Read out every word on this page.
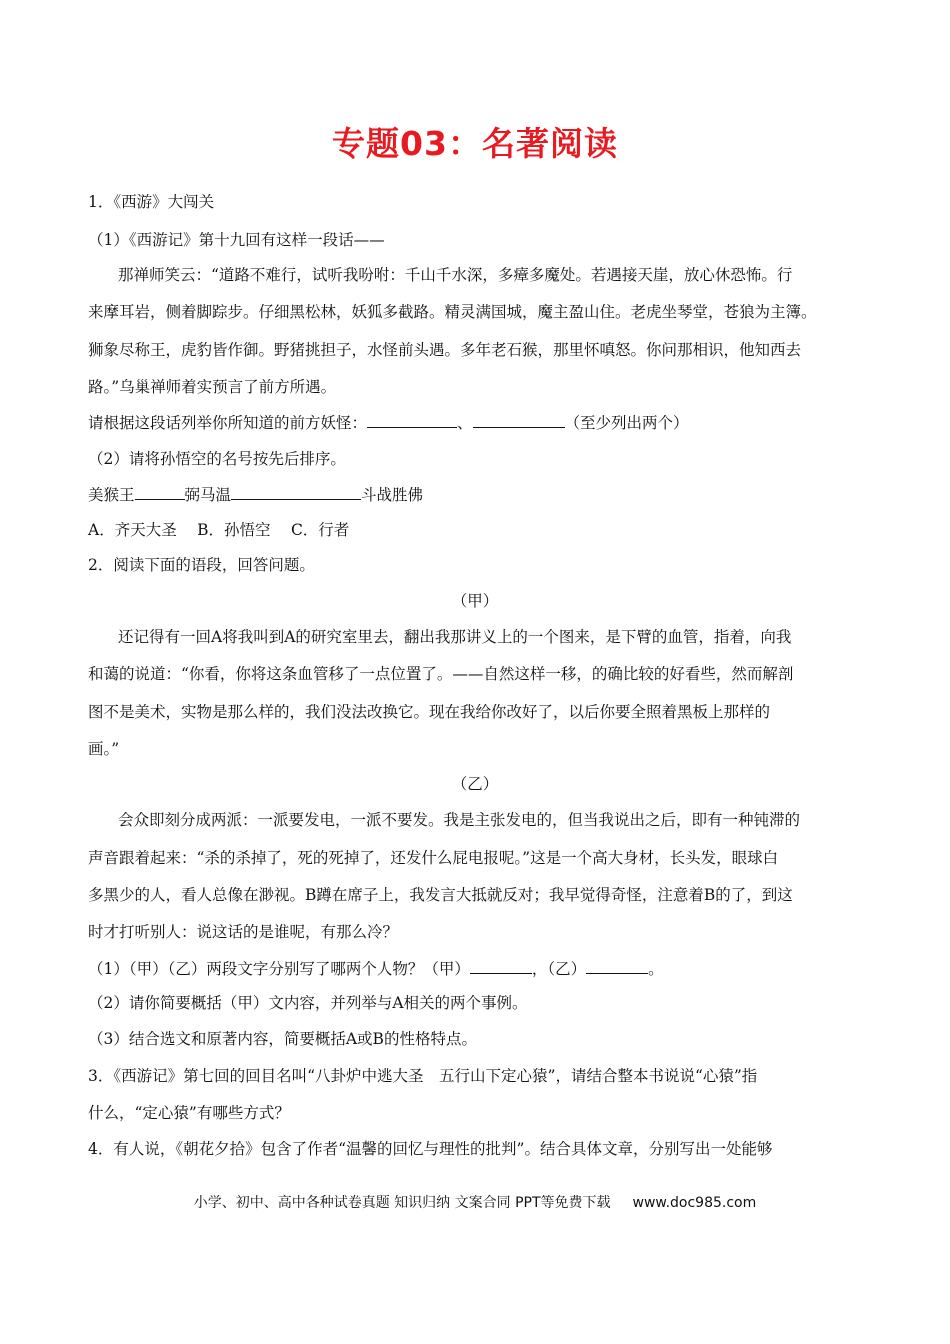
专题03：名著阅读
1．《西游》大闯关
（1）《西游记》第十九回有这样一段话——
那禅师笑云：“道路不难行，试听我吩咐：千山千水深，多瘴多魔处。若遇接天崖，放心休恐怖。行
来摩耳岩，侧着脚踪步。仔细黑松林，妖狐多截路。精灵满国城，魔主盈山住。老虎坐琴堂，苍狼为主簿。
狮象尽称王，虎豹皆作御。野猪挑担子，水怪前头遇。多年老石猴，那里怀嗔怒。你问那相识，他知西去
路。”乌巢禅师着实预言了前方所遇。
请根据这段话列举你所知道的前方妖怪：	、	（至少列出两个）
（2）请将孙悟空的名号按先后排序。
美猴王	弼马温	斗战胜佛
A．齐天大圣　 B．孙悟空　 C．行者
2．阅读下面的语段，回答问题。
（甲）
还记得有一回A将我叫到A的研究室里去，翻出我那讲义上的一个图来，是下臂的血管，指着，向我
和蔼的说道：“你看，你将这条血管移了一点位置了。——自然这样一移，的确比较的好看些，然而解剖
图不是美术，实物是那么样的，我们没法改换它。现在我给你改好了，以后你要全照着黑板上那样的
画。”
（乙）
会众即刻分成两派：一派要发电，一派不要发。我是主张发电的，但当我说出之后，即有一种钝滞的
声音跟着起来：“杀的杀掉了，死的死掉了，还发什么屁电报呢。”这是一个高大身材，长头发，眼球白
多黑少的人，看人总像在渺视。B蹲在席子上，我发言大抵就反对；我早觉得奇怪，注意着B的了，到这
时才打听别人：说这话的是谁呢，有那么冷？
（1）（甲）（乙）两段文字分别写了哪两个人物？（甲）	，（乙）	。
（2）请你简要概括（甲）文内容，并列举与A相关的两个事例。
（3）结合选文和原著内容，简要概括A或B的性格特点。
3．《西游记》第七回的回目名叫“八卦炉中逃大圣　五行山下定心猿”，请结合整本书说说“心猿”指
什么，“定心猿”有哪些方式？
4．有人说，《朝花夕拾》包含了作者“温馨的回忆与理性的批判”。结合具体文章，分别写出一处能够
小学、初中、高中各种试卷真题 知识归纳 文案合同 PPT等免费下载 www.doc985.com
